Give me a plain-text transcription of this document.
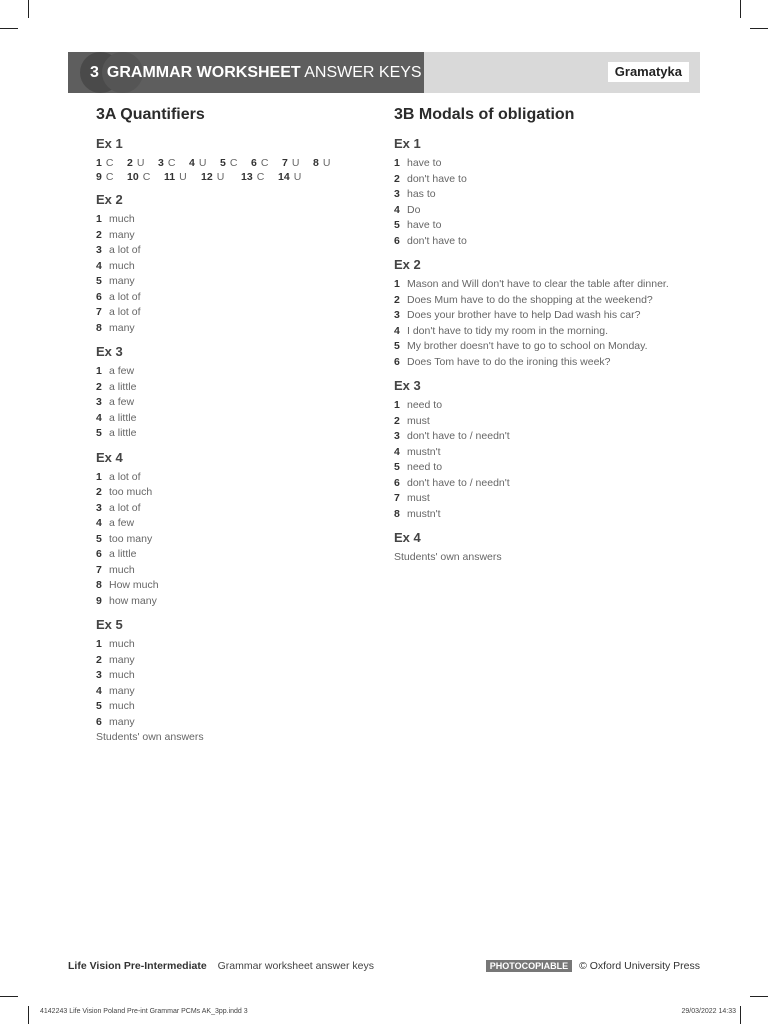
3 GRAMMAR WORKSHEET ANSWER KEYS	Gramatyka
3A Quantifiers
Ex 1
1 C	2 U	3 C	4 U	5 C	6 C	7 U	8 U
9 C	10 C	11 U	12 U	13 C	14 U
Ex 2
1 much
2 many
3 a lot of
4 much
5 many
6 a lot of
7 a lot of
8 many
Ex 3
1 a few
2 a little
3 a few
4 a little
5 a little
Ex 4
1 a lot of
2 too much
3 a lot of
4 a few
5 too many
6 a little
7 much
8 How much
9 how many
Ex 5
1 much
2 many
3 much
4 many
5 much
6 many
Students' own answers
3B Modals of obligation
Ex 1
1 have to
2 don't have to
3 has to
4 Do
5 have to
6 don't have to
Ex 2
1 Mason and Will don't have to clear the table after dinner.
2 Does Mum have to do the shopping at the weekend?
3 Does your brother have to help Dad wash his car?
4 I don't have to tidy my room in the morning.
5 My brother doesn't have to go to school on Monday.
6 Does Tom have to do the ironing this week?
Ex 3
1 need to
2 must
3 don't have to / needn't
4 mustn't
5 need to
6 don't have to / needn't
7 must
8 mustn't
Ex 4
Students' own answers
Life Vision Pre-Intermediate Grammar worksheet answer keys	PHOTOCOPIABLE © Oxford University Press
4142243 Life Vision Poland Pre-int Grammar PCMs AK_3pp.indd 3	29/03/2022 14:33
